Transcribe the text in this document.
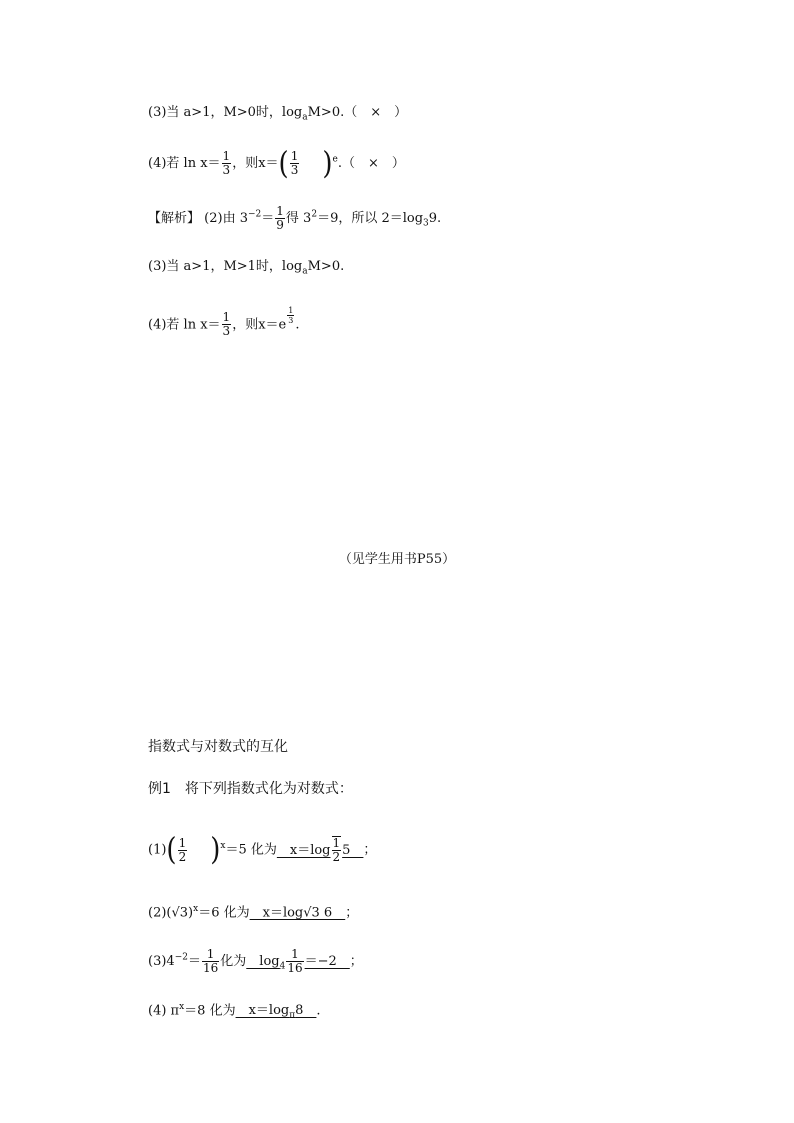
(3)当 a>1，M>0时，$\log_aM>0$.（　×　）
(4)若 $\ln x= \frac{1}{3}$ ，则$x=( \frac{1}{3} )^e$.（　×　）
【解析】 (2)由 $3^{-2}= \frac{1}{9}$ 得 $3^2=9$，所以 $2=\log_39$.
(3)当 a>1，M>1时，$\log_aM>0$.
(4)若 $\ln x= \frac{1}{3}$ ，则$x=e \frac{1}{3}$ .
（见学生用书P55）
指数式与对数式的互化
例1　将下列指数式化为对数式：
$(1)( \frac{1}{2} )^x=5$ 化为　$x=\log \frac{1}{2} 5$　；
$(2)(√3)^x=6$ 化为　x＝log√3 6　；
$(3)4^{-2}= \frac{1}{16}$ 化为　$\log_4 \frac{1}{16} =-2$　；
(4) $\pi^x=8$ 化为　$x=\log_\pi 8$　.
